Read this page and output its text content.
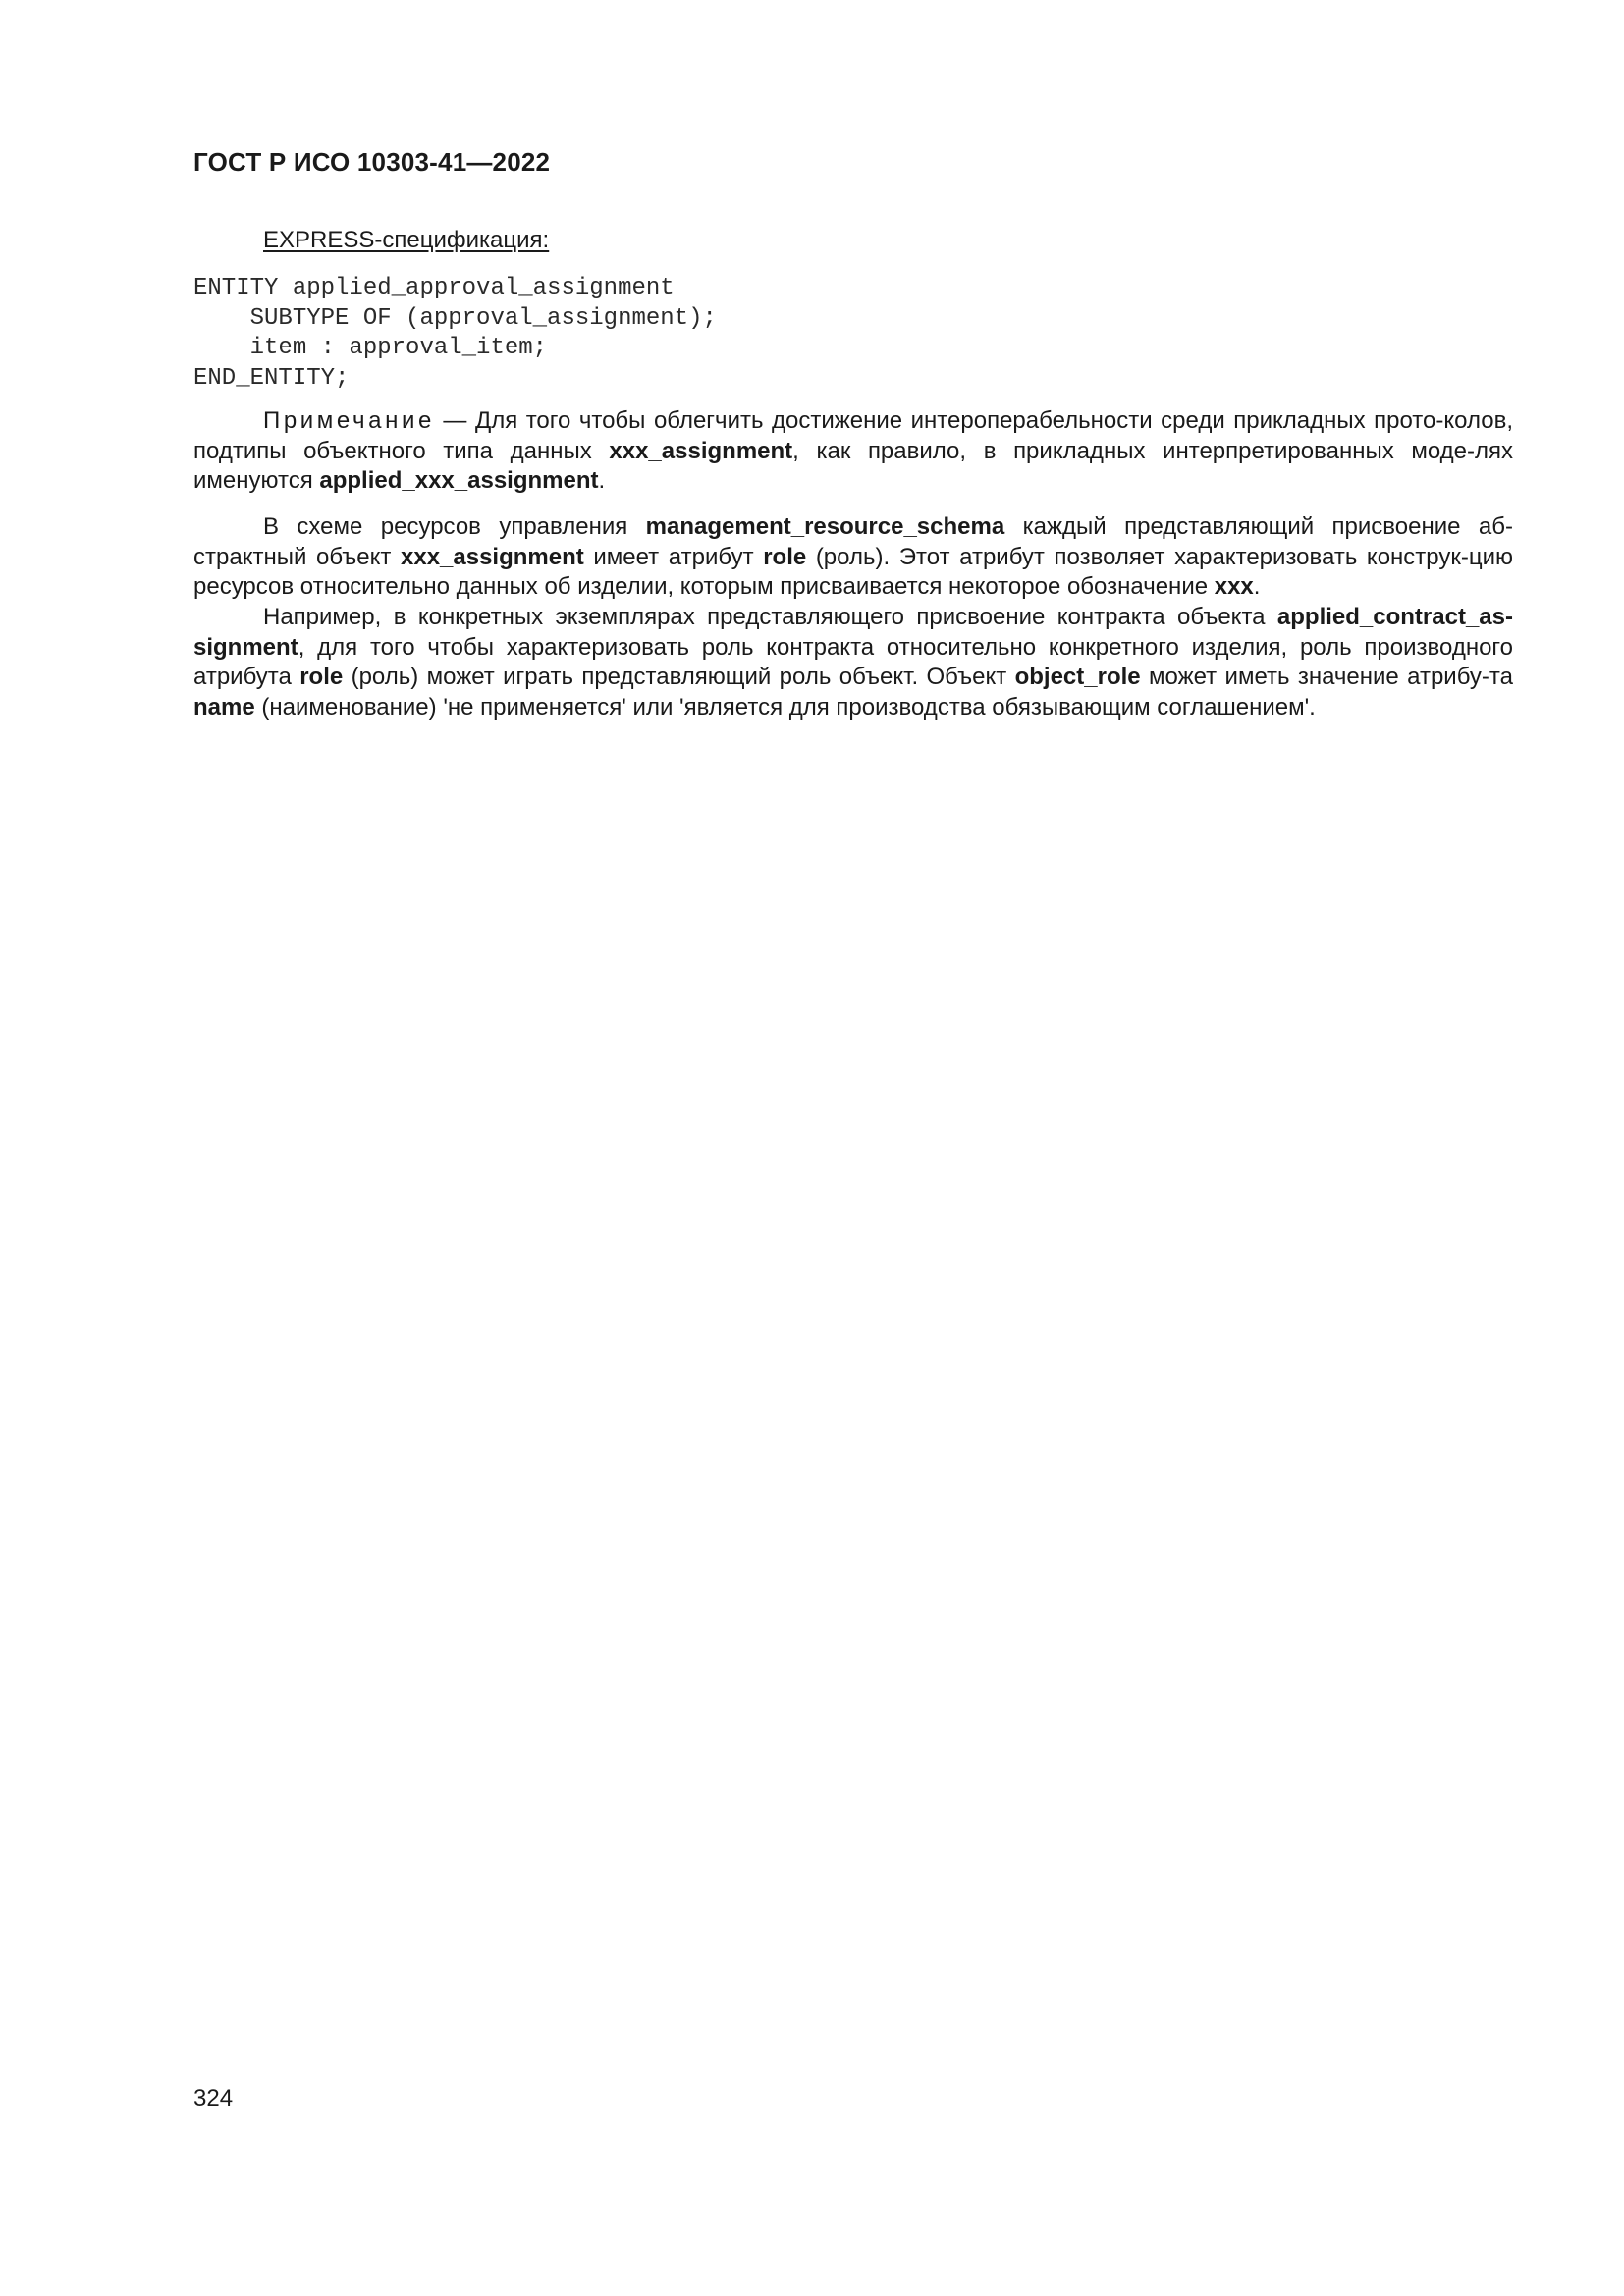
ГОСТ Р ИСО 10303-41—2022

EXPRESS-спецификация:

ENTITY applied_approval_assignment
SUBTYPE OF (approval_assignment);
item : approval_item;
END_ENTITY;

Примечание — Для того чтобы облегчить достижение интероперабельности среди прикладных прото-колов, подтипы объектного типа данных xxx_assignment, как правило, в прикладных интерпретированных моде-лях именуются applied_xxx_assignment.

В схеме ресурсов управления management_resource_schema каждый представляющий присвоение аб-страктный объект xxx_assignment имеет атрибут role (роль). Этот атрибут позволяет характеризовать конструк-цию ресурсов относительно данных об изделии, которым присваивается некоторое обозначение xxx.

Например, в конкретных экземплярах представляющего присвоение контракта объекта applied_contract_as-signment, для того чтобы характеризовать роль контракта относительно конкретного изделия, роль производного атрибута role (роль) может играть представляющий роль объект. Объект object_role может иметь значение атрибу-та name (наименование) 'не применяется' или 'является для производства обязывающим соглашением'.

324
